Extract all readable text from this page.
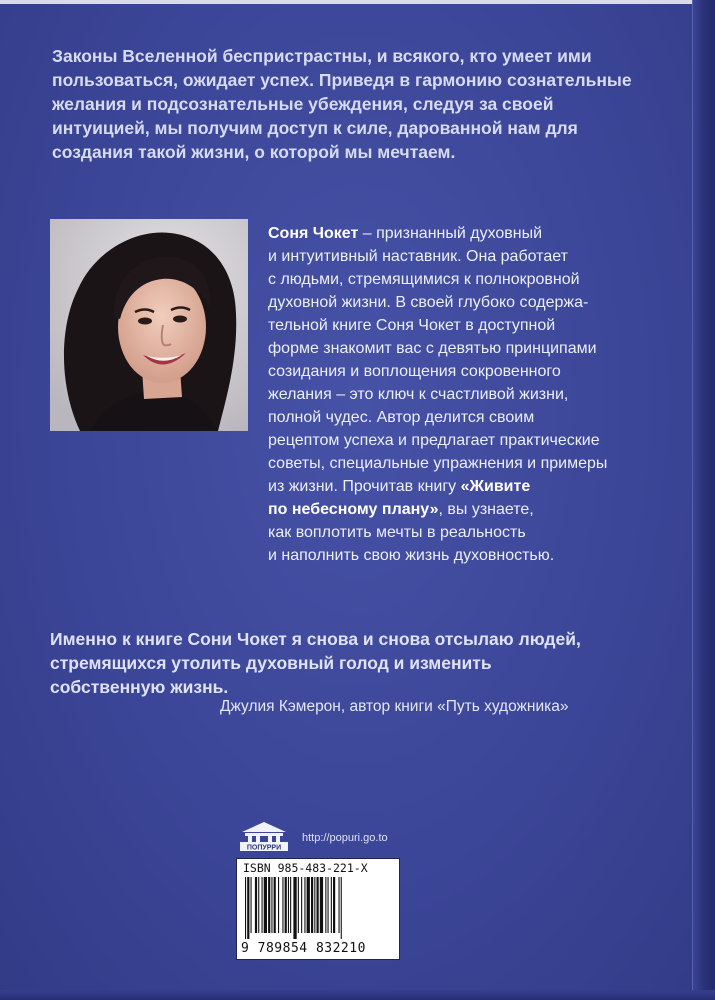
Законы Вселенной беспристрастны, и всякого, кто умеет ими
пользоваться, ожидает успех. Приведя в гармонию сознательные
желания и подсознательные убеждения, следуя за своей
интуицией, мы получим доступ к силе, дарованной нам для
создания такой жизни, о которой мы мечтаем.

Соня Чокет – признанный духовный
и интуитивный наставник. Она работает
с людьми, стремящимися к полнокровной
духовной жизни. В своей глубоко содержа-
тельной книге Соня Чокет в доступной
форме знакомит вас с девятью принципами
созидания и воплощения сокровенного
желания – это ключ к счастливой жизни,
полной чудес. Автор делится своим
рецептом успеха и предлагает практические
советы, специальные упражнения и примеры
из жизни. Прочитав книгу «Живите
по небесному плану», вы узнаете,
как воплотить мечты в реальность
и наполнить свою жизнь духовностью.

Именно к книге Сони Чокет я снова и снова отсылаю людей,
стремящихся утолить духовный голод и изменить
собственную жизнь.

Джулия Кэмерон, автор книги «Путь художника»
ПОПУРРИ
http://popuri.go.to
ISBN 985-483-221-X
9 789854 832210
